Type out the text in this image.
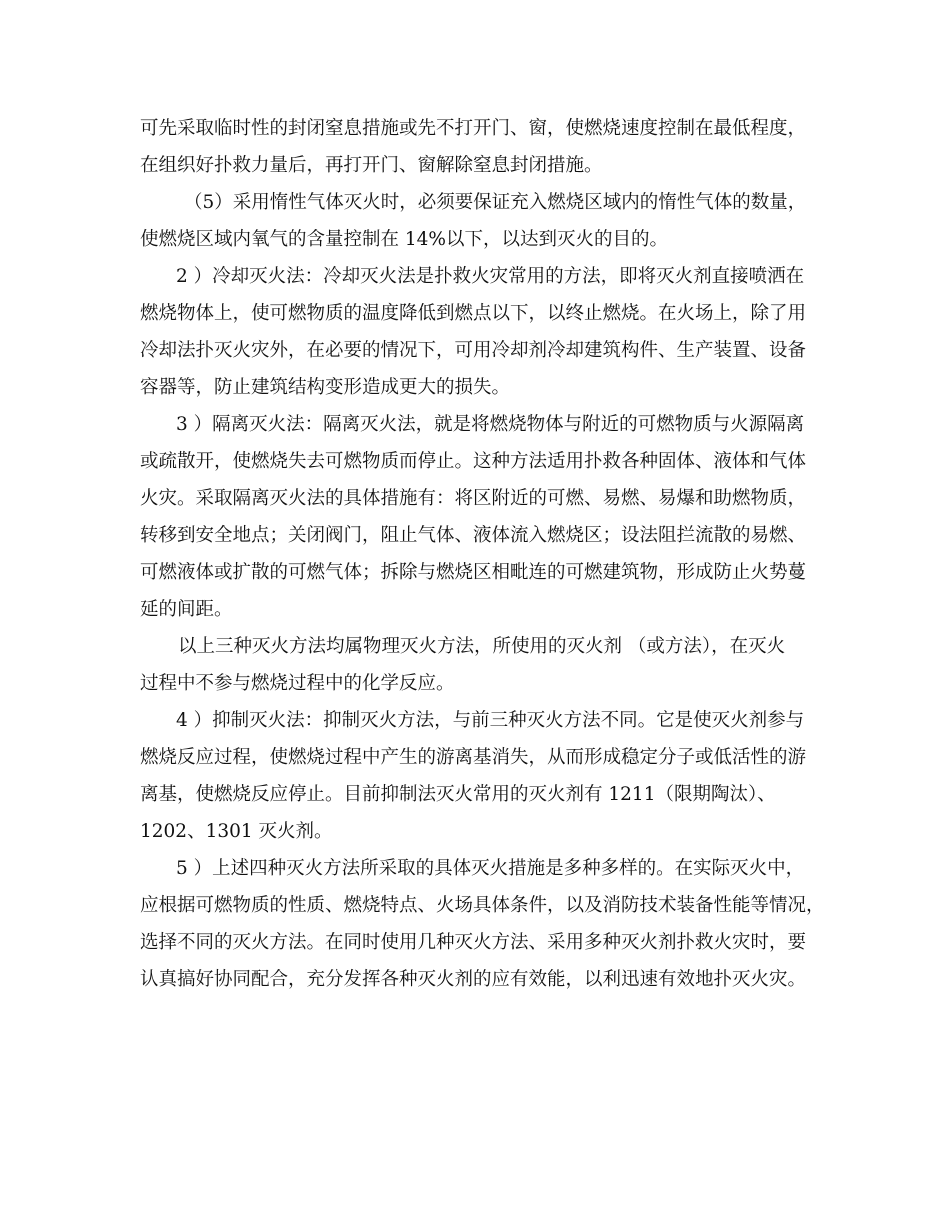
可先采取临时性的封闭窒息措施或先不打开门、窗，使燃烧速度控制在最低程度，
在组织好扑救力量后，再打开门、窗解除窒息封闭措施。
（5）采用惰性气体灭火时，必须要保证充入燃烧区域内的惰性气体的数量，
使燃烧区域内氧气的含量控制在 14%以下，以达到灭火的目的。
2 ）冷却灭火法：冷却灭火法是扑救火灾常用的方法，即将灭火剂直接喷洒在
燃烧物体上，使可燃物质的温度降低到燃点以下，以终止燃烧。在火场上，除了用
冷却法扑灭火灾外，在必要的情况下，可用冷却剂冷却建筑构件、生产装置、设备
容器等，防止建筑结构变形造成更大的损失。
3 ）隔离灭火法：隔离灭火法，就是将燃烧物体与附近的可燃物质与火源隔离
或疏散开，使燃烧失去可燃物质而停止。这种方法适用扑救各种固体、液体和气体
火灾。采取隔离灭火法的具体措施有：将区附近的可燃、易燃、易爆和助燃物质，
转移到安全地点；关闭阀门，阻止气体、液体流入燃烧区；设法阻拦流散的易燃、
可燃液体或扩散的可燃气体；拆除与燃烧区相毗连的可燃建筑物，形成防止火势蔓
延的间距。
以上三种灭火方法均属物理灭火方法，所使用的灭火剂 （或方法），在灭火
过程中不参与燃烧过程中的化学反应。
4 ）抑制灭火法：抑制灭火方法，与前三种灭火方法不同。它是使灭火剂参与
燃烧反应过程，使燃烧过程中产生的游离基消失，从而形成稳定分子或低活性的游
离基，使燃烧反应停止。目前抑制法灭火常用的灭火剂有 1211（限期陶汰）、
1202、1301 灭火剂。
5 ）上述四种灭火方法所采取的具体灭火措施是多种多样的。在实际灭火中，
应根据可燃物质的性质、燃烧特点、火场具体条件，以及消防技术装备性能等情况，
选择不同的灭火方法。在同时使用几种灭火方法、采用多种灭火剂扑救火灾时，要
认真搞好协同配合，充分发挥各种灭火剂的应有效能，以利迅速有效地扑灭火灾。
